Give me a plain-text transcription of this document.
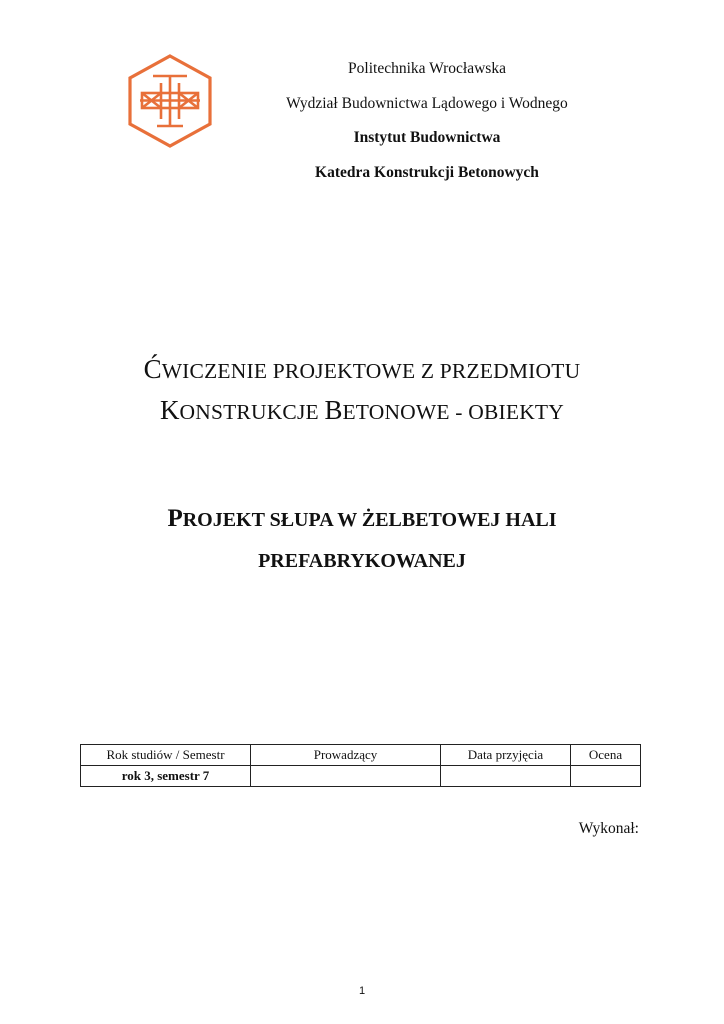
Politechnika Wrocławska
Wydział Budownictwa Lądowego i Wodnego
Instytut Budownictwa
Katedra Konstrukcji Betonowych
ĆWICZENIE PROJEKTOWE Z PRZEDMIOTU
KONSTRUKCJE BETONOWE - OBIEKTY
PROJEKT SŁUPA W ŻELBETOWEJ HALI
PREFABRYKOWANEJ
Rok studiów / Semestr	Prowadzący	Data przyjęcia	Ocena
rok 3, semestr 7			
Wykonał:
1
